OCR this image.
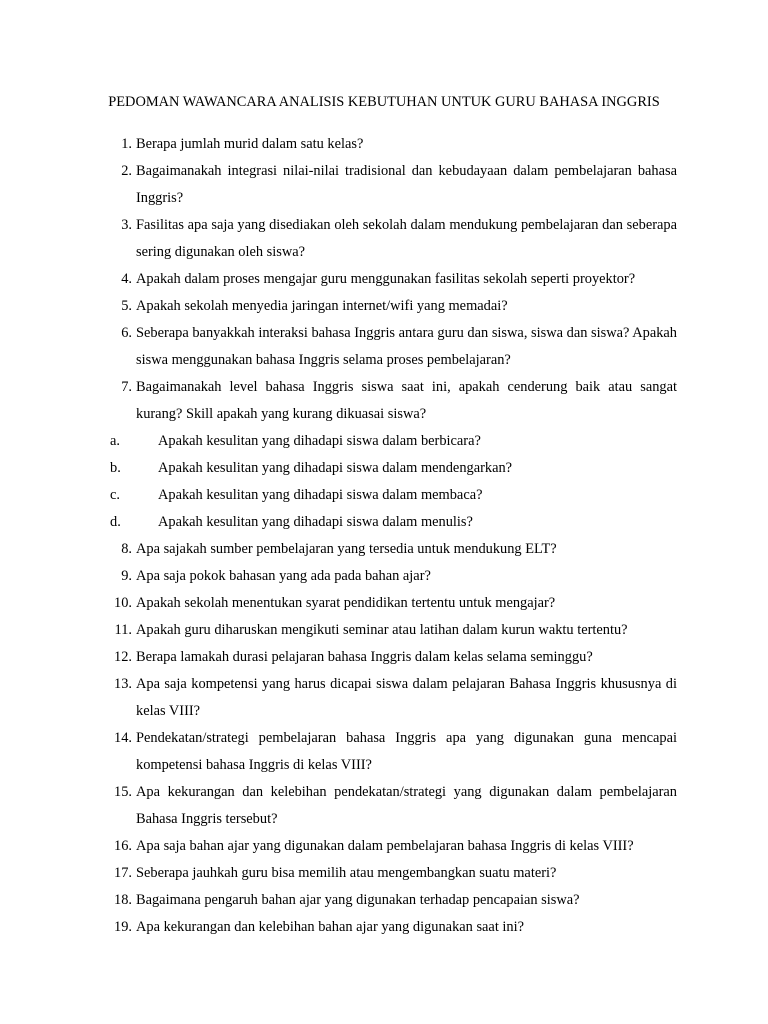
PEDOMAN WAWANCARA ANALISIS KEBUTUHAN UNTUK GURU BAHASA INGGRIS
1. Berapa jumlah murid dalam satu kelas?
2. Bagaimanakah integrasi nilai-nilai tradisional dan kebudayaan dalam pembelajaran bahasa Inggris?
3. Fasilitas apa saja yang disediakan oleh sekolah dalam mendukung pembelajaran dan seberapa sering digunakan oleh siswa?
4. Apakah dalam proses mengajar guru menggunakan fasilitas sekolah seperti proyektor?
5. Apakah sekolah menyedia jaringan internet/wifi yang memadai?
6. Seberapa banyakkah interaksi bahasa Inggris antara guru dan siswa, siswa dan siswa? Apakah siswa menggunakan bahasa Inggris selama proses pembelajaran?
7. Bagaimanakah level bahasa Inggris siswa saat ini, apakah cenderung baik atau sangat kurang? Skill apakah yang kurang dikuasai siswa?
a.	Apakah kesulitan yang dihadapi siswa dalam berbicara?
b.	Apakah kesulitan yang dihadapi siswa dalam mendengarkan?
c.	Apakah kesulitan yang dihadapi siswa dalam membaca?
d.	Apakah kesulitan yang dihadapi siswa dalam menulis?
8. Apa sajakah sumber pembelajaran yang tersedia untuk mendukung ELT?
9. Apa saja pokok bahasan yang ada pada bahan ajar?
10. Apakah sekolah menentukan syarat pendidikan tertentu untuk mengajar?
11. Apakah guru diharuskan mengikuti seminar atau latihan dalam kurun waktu tertentu?
12. Berapa lamakah durasi pelajaran bahasa Inggris dalam kelas selama seminggu?
13. Apa saja kompetensi yang harus dicapai siswa dalam pelajaran Bahasa Inggris khususnya di kelas VIII?
14. Pendekatan/strategi pembelajaran bahasa Inggris apa yang digunakan guna mencapai kompetensi bahasa Inggris di kelas VIII?
15. Apa kekurangan dan kelebihan pendekatan/strategi yang digunakan dalam pembelajaran Bahasa Inggris tersebut?
16. Apa saja bahan ajar yang digunakan dalam pembelajaran bahasa Inggris di kelas VIII?
17. Seberapa jauhkah guru bisa memilih atau mengembangkan suatu materi?
18. Bagaimana pengaruh bahan ajar yang digunakan terhadap pencapaian siswa?
19. Apa kekurangan dan kelebihan bahan ajar yang digunakan saat ini?
